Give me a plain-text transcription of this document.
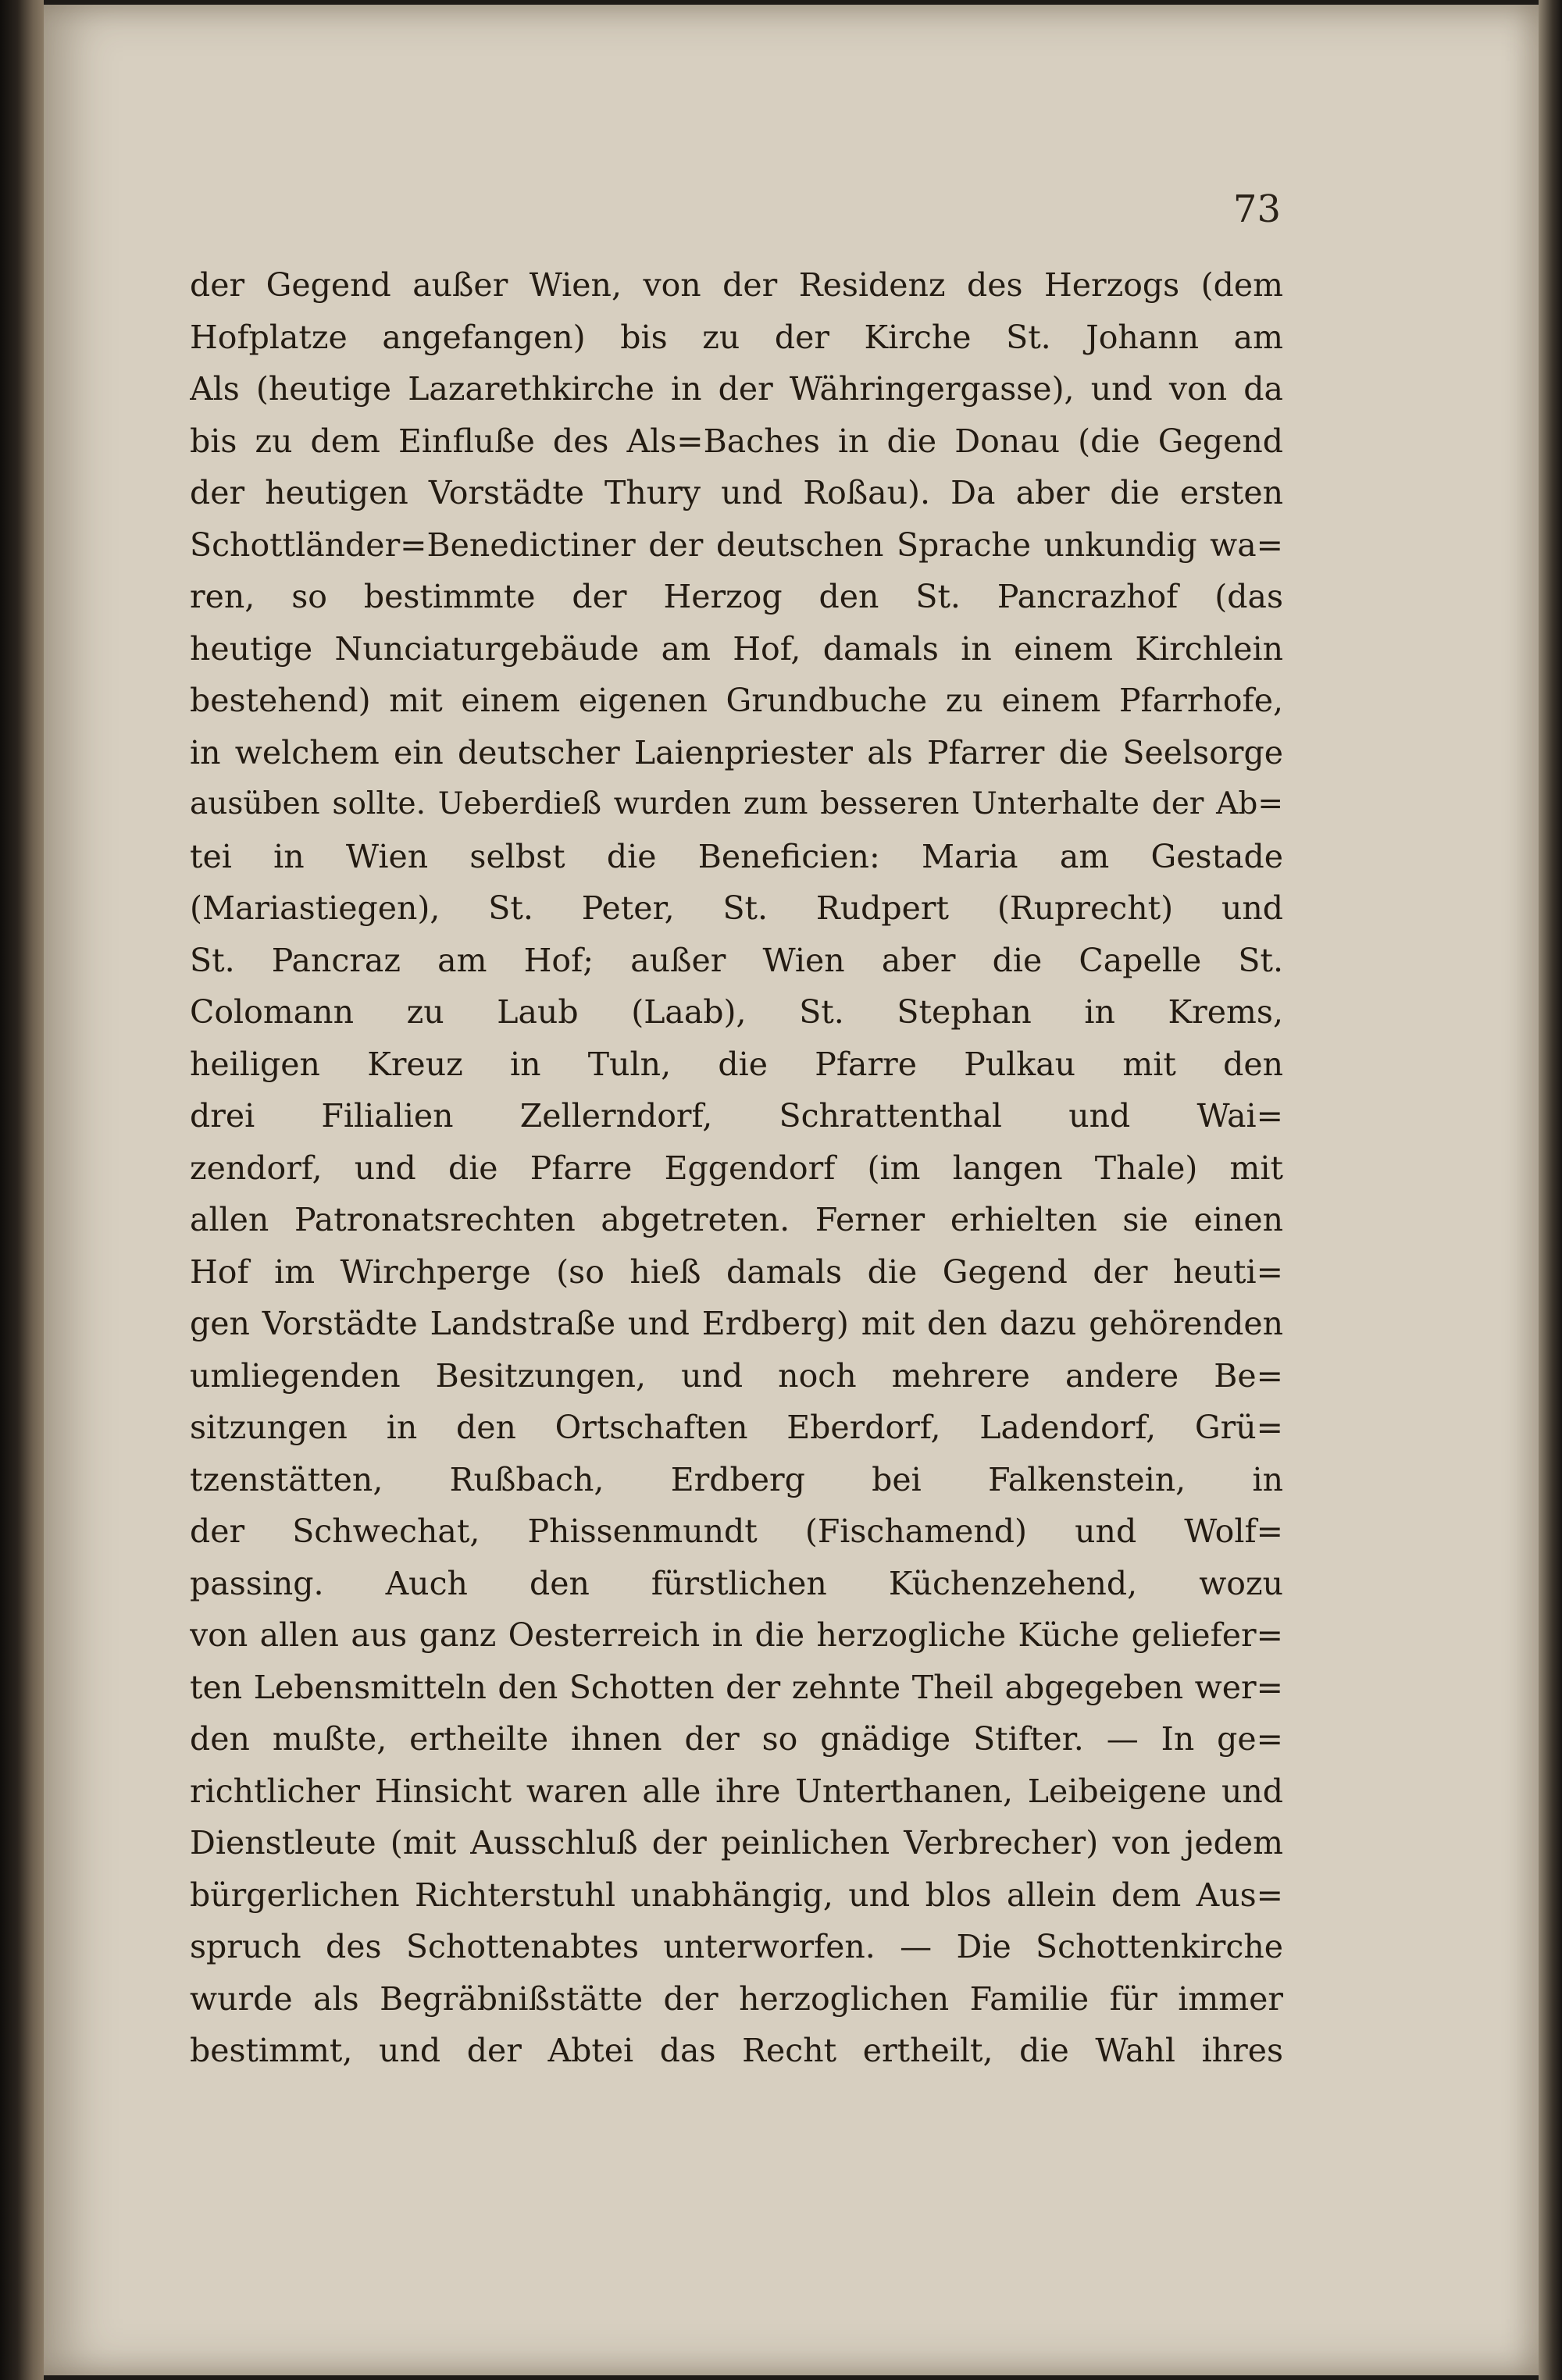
73
der Gegend außer Wien, von der Residenz des Herzogs (dem
Hofplatze angefangen) bis zu der Kirche St. Johann am
Als (heutige Lazarethkirche in der Währingergasse), und von da
bis zu dem Einfluße des Als=Baches in die Donau (die Gegend
der heutigen Vorstädte Thury und Roßau). Da aber die ersten
Schottländer=Benedictiner der deutschen Sprache unkundig wa=
ren, so bestimmte der Herzog den St. Pancrazhof (das
heutige Nunciaturgebäude am Hof, damals in einem Kirchlein
bestehend) mit einem eigenen Grundbuche zu einem Pfarrhofe,
in welchem ein deutscher Laienpriester als Pfarrer die Seelsorge
ausüben sollte. Ueberdieß wurden zum besseren Unterhalte der Ab=
tei in Wien selbst die Beneficien: Maria am Gestade
(Mariastiegen), St. Peter, St. Rudpert (Ruprecht) und
St. Pancraz am Hof; außer Wien aber die Capelle St.
Colomann zu Laub (Laab), St. Stephan in Krems,
heiligen Kreuz in Tuln, die Pfarre Pulkau mit den
drei Filialien Zellerndorf, Schrattenthal und Wai=
zendorf, und die Pfarre Eggendorf (im langen Thale) mit
allen Patronatsrechten abgetreten. Ferner erhielten sie einen
Hof im Wirchperge (so hieß damals die Gegend der heuti=
gen Vorstädte Landstraße und Erdberg) mit den dazu gehörenden
umliegenden Besitzungen, und noch mehrere andere Be=
sitzungen in den Ortschaften Eberdorf, Ladendorf, Grü=
tzenstätten, Rußbach, Erdberg bei Falkenstein, in
der Schwechat, Phissenmundt (Fischamend) und Wolf=
passing. Auch den fürstlichen Küchenzehend, wozu
von allen aus ganz Oesterreich in die herzogliche Küche geliefer=
ten Lebensmitteln den Schotten der zehnte Theil abgegeben wer=
den mußte, ertheilte ihnen der so gnädige Stifter. — In ge=
richtlicher Hinsicht waren alle ihre Unterthanen, Leibeigene und
Dienstleute (mit Ausschluß der peinlichen Verbrecher) von jedem
bürgerlichen Richterstuhl unabhängig, und blos allein dem Aus=
spruch des Schottenabtes unterworfen. — Die Schottenkirche
wurde als Begräbnißstätte der herzoglichen Familie für immer
bestimmt, und der Abtei das Recht ertheilt, die Wahl ihres
